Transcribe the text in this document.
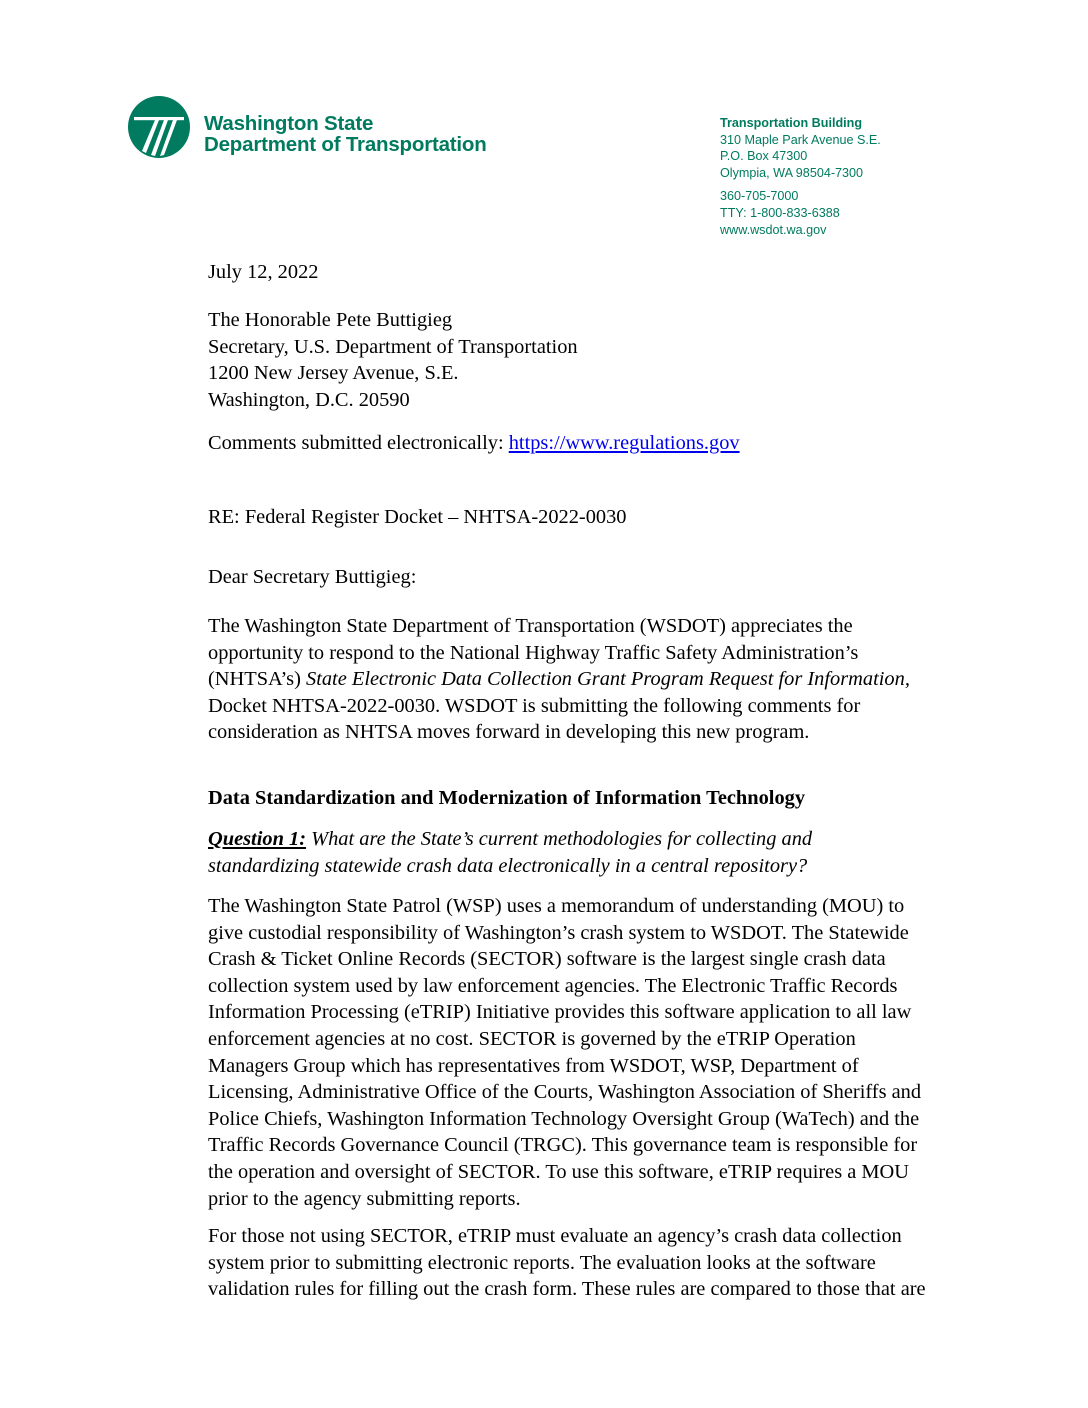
Washington State
Department of Transportation
Transportation Building
310 Maple Park Avenue S.E.
P.O. Box 47300
Olympia, WA 98504-7300
360-705-7000
TTY: 1-800-833-6388
www.wsdot.wa.gov
July 12, 2022
The Honorable Pete Buttigieg
Secretary, U.S. Department of Transportation
1200 New Jersey Avenue, S.E.
Washington, D.C. 20590
Comments submitted electronically: https://www.regulations.gov
RE: Federal Register Docket – NHTSA-2022-0030
Dear Secretary Buttigieg:
The Washington State Department of Transportation (WSDOT) appreciates the
opportunity to respond to the National Highway Traffic Safety Administration’s
(NHTSA’s) State Electronic Data Collection Grant Program Request for Information,
Docket NHTSA-2022-0030. WSDOT is submitting the following comments for
consideration as NHTSA moves forward in developing this new program.
Data Standardization and Modernization of Information Technology
Question 1: What are the State’s current methodologies for collecting and
standardizing statewide crash data electronically in a central repository?
The Washington State Patrol (WSP) uses a memorandum of understanding (MOU) to
give custodial responsibility of Washington’s crash system to WSDOT. The Statewide
Crash & Ticket Online Records (SECTOR) software is the largest single crash data
collection system used by law enforcement agencies. The Electronic Traffic Records
Information Processing (eTRIP) Initiative provides this software application to all law
enforcement agencies at no cost. SECTOR is governed by the eTRIP Operation
Managers Group which has representatives from WSDOT, WSP, Department of
Licensing, Administrative Office of the Courts, Washington Association of Sheriffs and
Police Chiefs, Washington Information Technology Oversight Group (WaTech) and the
Traffic Records Governance Council (TRGC). This governance team is responsible for
the operation and oversight of SECTOR. To use this software, eTRIP requires a MOU
prior to the agency submitting reports.
For those not using SECTOR, eTRIP must evaluate an agency’s crash data collection
system prior to submitting electronic reports. The evaluation looks at the software
validation rules for filling out the crash form. These rules are compared to those that are
